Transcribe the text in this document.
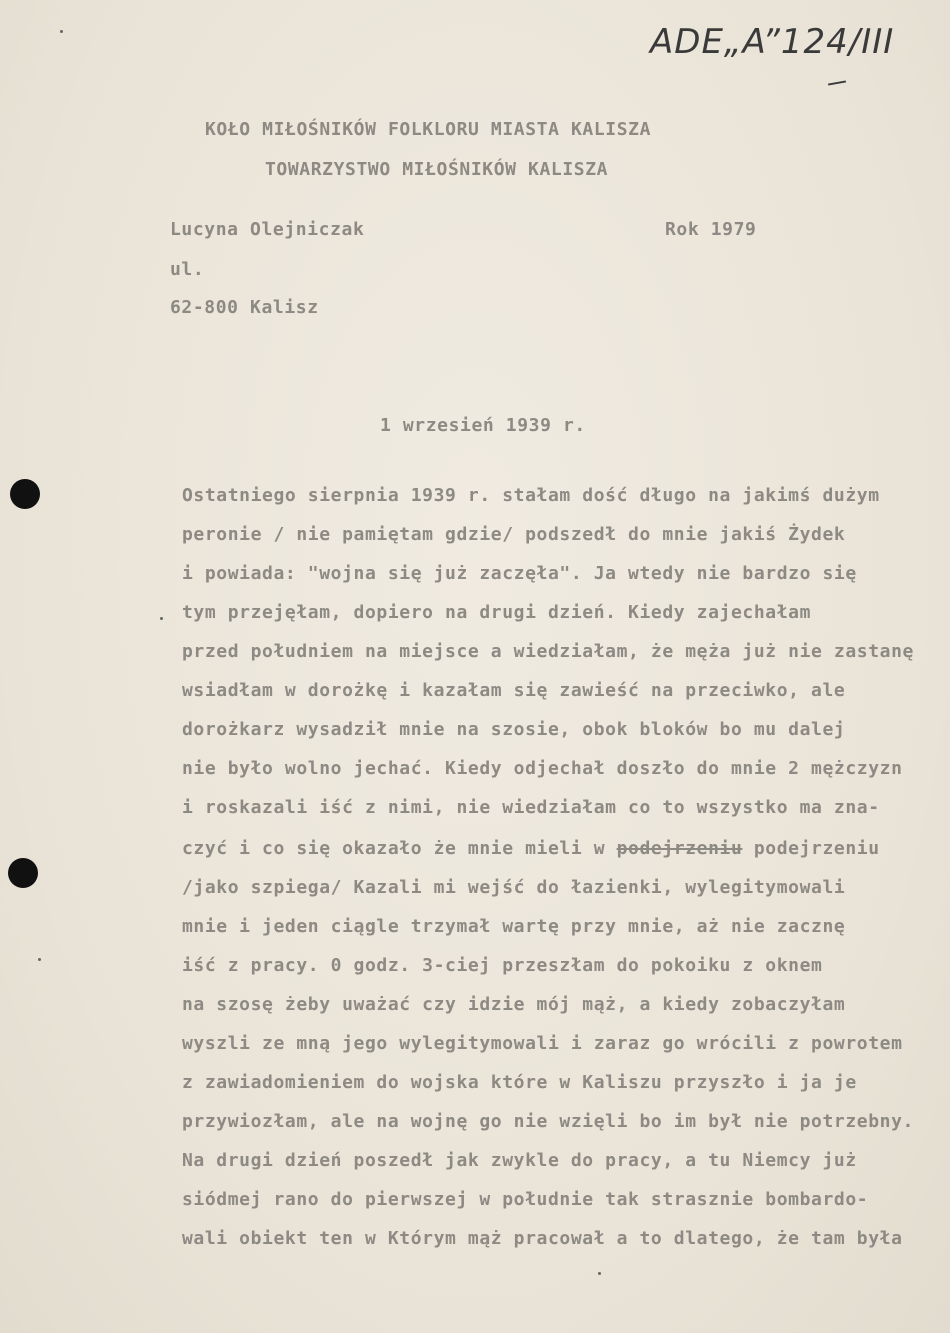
ADE„A”124/III
KOŁO MIŁOŚNIKÓW FOLKLORU MIASTA KALISZA
TOWARZYSTWO MIŁOŚNIKÓW KALISZA
Lucyna Olejniczak	Rok 1979
ul.
62-800 Kalisz
1 wrzesień 1939 r.
Ostatniego sierpnia 1939 r. stałam dość długo na jakimś dużym
peronie / nie pamiętam gdzie/ podszedł do mnie jakiś Żydek
i powiada: "wojna się już zaczęła". Ja wtedy nie bardzo się
tym przejęłam, dopiero na drugi dzień. Kiedy zajechałam
przed południem na miejsce a wiedziałam, że męża już nie zastanę
wsiadłam w dorożkę i kazałam się zawieść na przeciwko, ale
dorożkarz wysadził mnie na szosie, obok bloków bo mu dalej
nie było wolno jechać. Kiedy odjechał doszło do mnie 2 mężczyzn
i roskazali iść z nimi, nie wiedziałam co to wszystko ma zna-
czyć i co się okazało że mnie mieli w podejrzeniu podejrzeniu
/jako szpiega/ Kazali mi wejść do łazienki, wylegitymowali
mnie i jeden ciągle trzymał wartę przy mnie, aż nie zacznę
iść z pracy. 0 godz. 3-ciej przeszłam do pokoiku z oknem
na szosę żeby uważać czy idzie mój mąż, a kiedy zobaczyłam
wyszli ze mną jego wylegitymowali i zaraz go wrócili z powrotem
z zawiadomieniem do wojska które w Kaliszu przyszło i ja je
przywiozłam, ale na wojnę go nie wzięli bo im był nie potrzebny.
Na drugi dzień poszedł jak zwykle do pracy, a tu Niemcy już
siódmej rano do pierwszej w południe tak strasznie bombardo-
wali obiekt ten w Którym mąż pracował a to dlatego, że tam była
